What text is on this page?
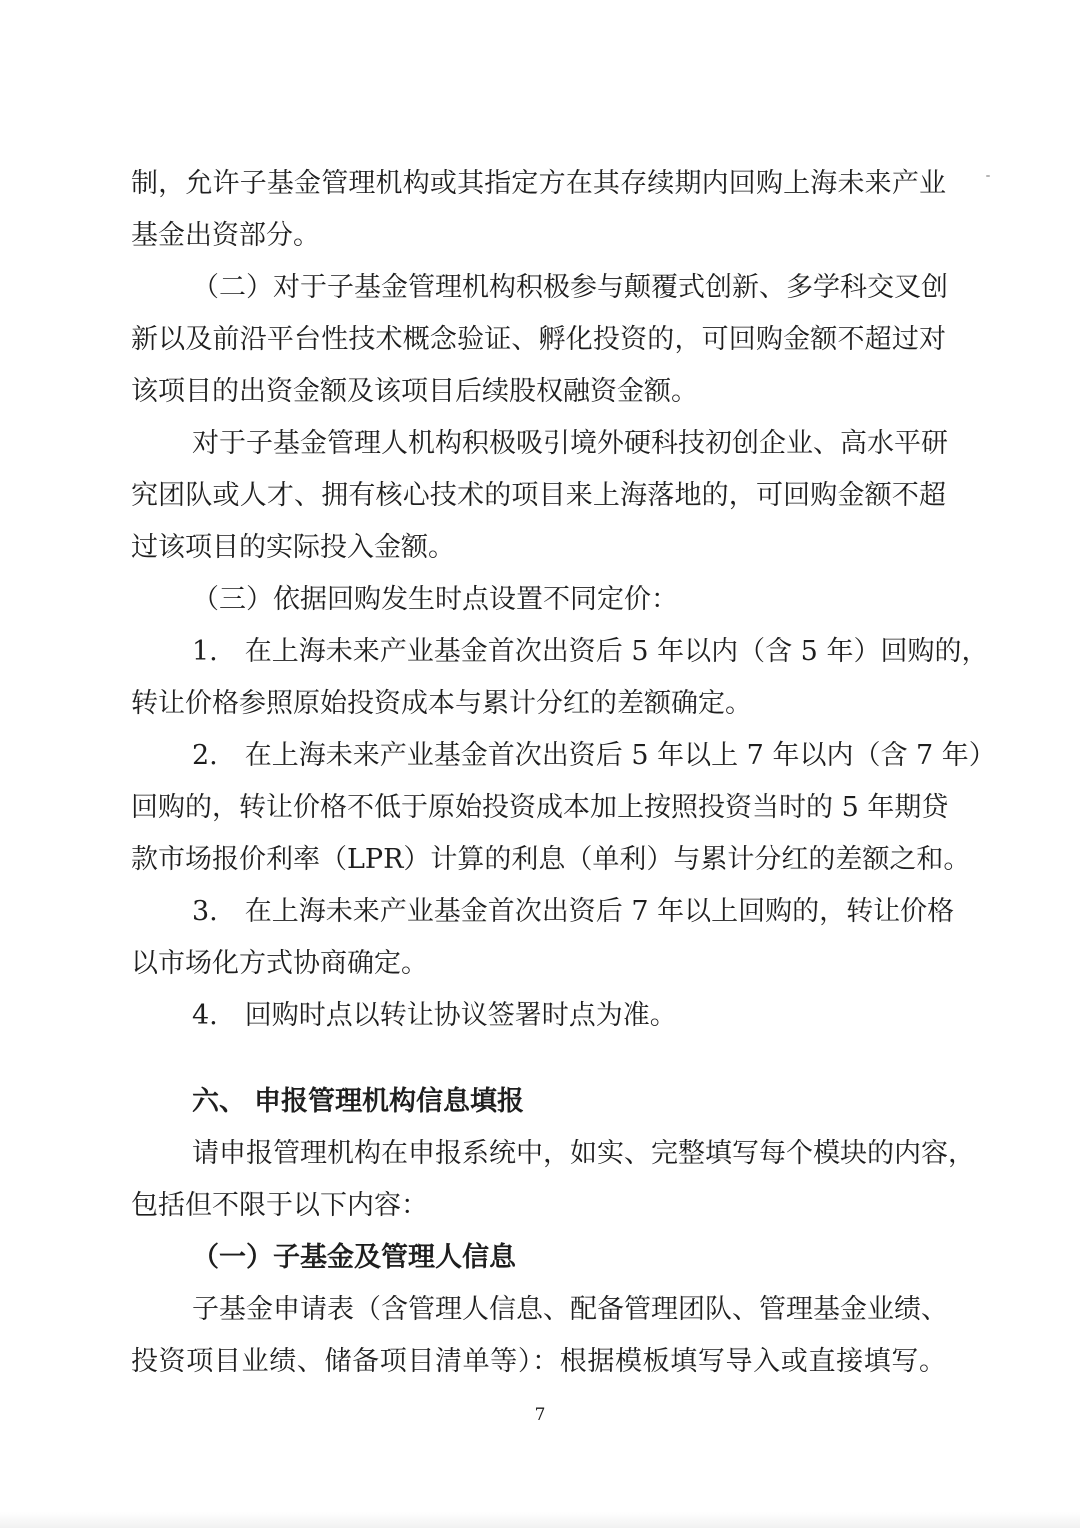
制，允许子基金管理机构或其指定方在其存续期内回购上海未来产业
基金出资部分。
（二）对于子基金管理机构积极参与颠覆式创新、多学科交叉创
新以及前沿平台性技术概念验证、孵化投资的，可回购金额不超过对
该项目的出资金额及该项目后续股权融资金额。
对于子基金管理人机构积极吸引境外硬科技初创企业、高水平研
究团队或人才、拥有核心技术的项目来上海落地的，可回购金额不超
过该项目的实际投入金额。
（三）依据回购发生时点设置不同定价：
1.　在上海未来产业基金首次出资后 5 年以内（含 5 年）回购的，
转让价格参照原始投资成本与累计分红的差额确定。
2.　在上海未来产业基金首次出资后 5 年以上 7 年以内（含 7 年）
回购的，转让价格不低于原始投资成本加上按照投资当时的 5 年期贷
款市场报价利率（LPR）计算的利息（单利）与累计分红的差额之和。
3.　在上海未来产业基金首次出资后 7 年以上回购的，转让价格
以市场化方式协商确定。
4.　回购时点以转让协议签署时点为准。
六、 申报管理机构信息填报
请申报管理机构在申报系统中，如实、完整填写每个模块的内容，
包括但不限于以下内容：
（一）子基金及管理人信息
子基金申请表（含管理人信息、配备管理团队、管理基金业绩、
投资项目业绩、储备项目清单等）：根据模板填写导入或直接填写。
7
